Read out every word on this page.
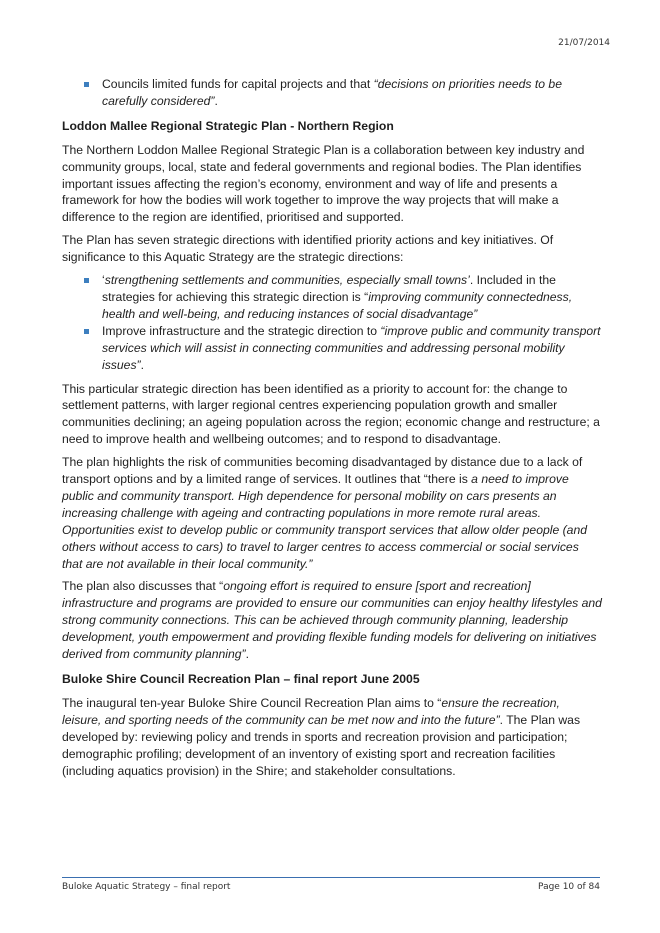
21/07/2014
Councils limited funds for capital projects and that “decisions on priorities needs to be carefully considered”.
Loddon Mallee Regional Strategic Plan - Northern Region

The Northern Loddon Mallee Regional Strategic Plan is a collaboration between key industry and community groups, local, state and federal governments and regional bodies. The Plan identifies important issues affecting the region’s economy, environment and way of life and presents a framework for how the bodies will work together to improve the way projects that will make a difference to the region are identified, prioritised and supported.

The Plan has seven strategic directions with identified priority actions and key initiatives. Of significance to this Aquatic Strategy are the strategic directions:

‘strengthening settlements and communities, especially small towns’. Included in the strategies for achieving this strategic direction is “improving community connectedness, health and well-being, and reducing instances of social disadvantage”
Improve infrastructure and the strategic direction to “improve public and community transport services which will assist in connecting communities and addressing personal mobility issues”.

This particular strategic direction has been identified as a priority to account for: the change to settlement patterns, with larger regional centres experiencing population growth and smaller communities declining; an ageing population across the region; economic change and restructure; a need to improve health and wellbeing outcomes; and to respond to disadvantage.

The plan highlights the risk of communities becoming disadvantaged by distance due to a lack of transport options and by a limited range of services. It outlines that “there is a need to improve public and community transport. High dependence for personal mobility on cars presents an increasing challenge with ageing and contracting populations in more remote rural areas. Opportunities exist to develop public or community transport services that allow older people (and others without access to cars) to travel to larger centres to access commercial or social services that are not available in their local community.”

The plan also discusses that “ongoing effort is required to ensure [sport and recreation] infrastructure and programs are provided to ensure our communities can enjoy healthy lifestyles and strong community connections. This can be achieved through community planning, leadership development, youth empowerment and providing flexible funding models for delivering on initiatives derived from community planning”.

Buloke Shire Council Recreation Plan – final report June 2005

The inaugural ten-year Buloke Shire Council Recreation Plan aims to “ensure the recreation, leisure, and sporting needs of the community can be met now and into the future”. The Plan was developed by: reviewing policy and trends in sports and recreation provision and participation; demographic profiling; development of an inventory of existing sport and recreation facilities (including aquatics provision) in the Shire; and stakeholder consultations.

Buloke Aquatic Strategy – final report	Page 10 of 84
